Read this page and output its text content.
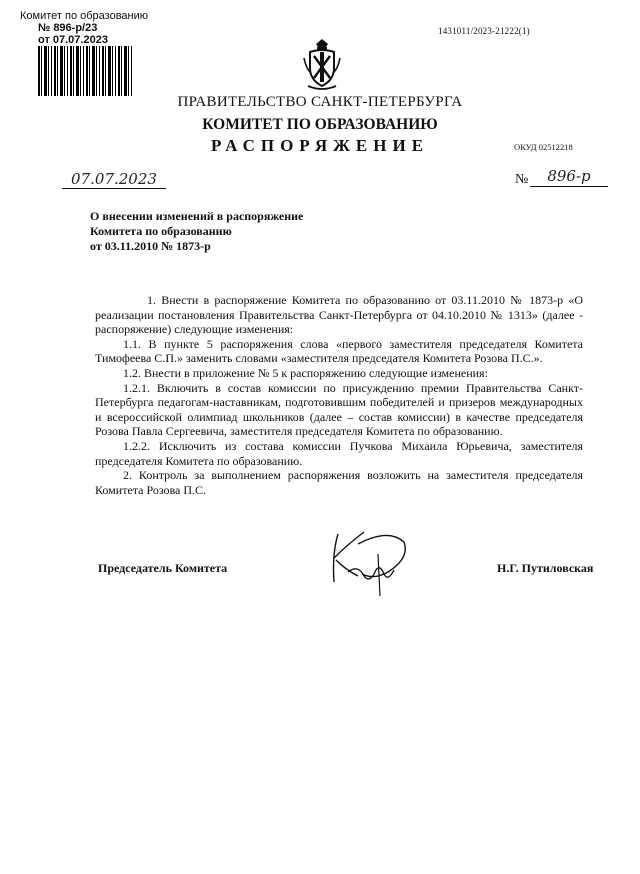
Комитет по образованию
№ 896-р/23
от 07.07.2023
1431011/2023-21222(1)
ПРАВИТЕЛЬСТВО САНКТ-ПЕТЕРБУРГА
КОМИТЕТ ПО ОБРАЗОВАНИЮ
РАСПОРЯЖЕНИЕ	ОКУД 02512218
07.07.2023	№	896-р
О внесении изменений в распоряжение
Комитета по образованию
от 03.11.2010 № 1873-р

1. Внести в распоряжение Комитета по образованию от 03.11.2010 № 1873-р «О реализации постановления Правительства Санкт-Петербурга от 04.10.2010 № 1313» (далее - распоряжение) следующие изменения:

1.1. В пункте 5 распоряжения слова «первого заместителя председателя Комитета Тимофеева С.П.» заменить словами «заместителя председателя Комитета Розова П.С.».

1.2. Внести в приложение № 5 к распоряжению следующие изменения:

1.2.1. Включить в состав комиссии по присуждению премии Правительства Санкт-Петербурга педагогам-наставникам, подготовившим победителей и призеров международных и всероссийской олимпиад школьников (далее – состав комиссии) в качестве председателя Розова Павла Сергеевича, заместителя председателя Комитета по образованию.

1.2.2. Исключить из состава комиссии Пучкова Михаила Юрьевича, заместителя председателя Комитета по образованию.

2. Контроль за выполнением распоряжения возложить на заместителя председателя Комитета Розова П.С.

Председатель Комитета	Н.Г. Путиловская
